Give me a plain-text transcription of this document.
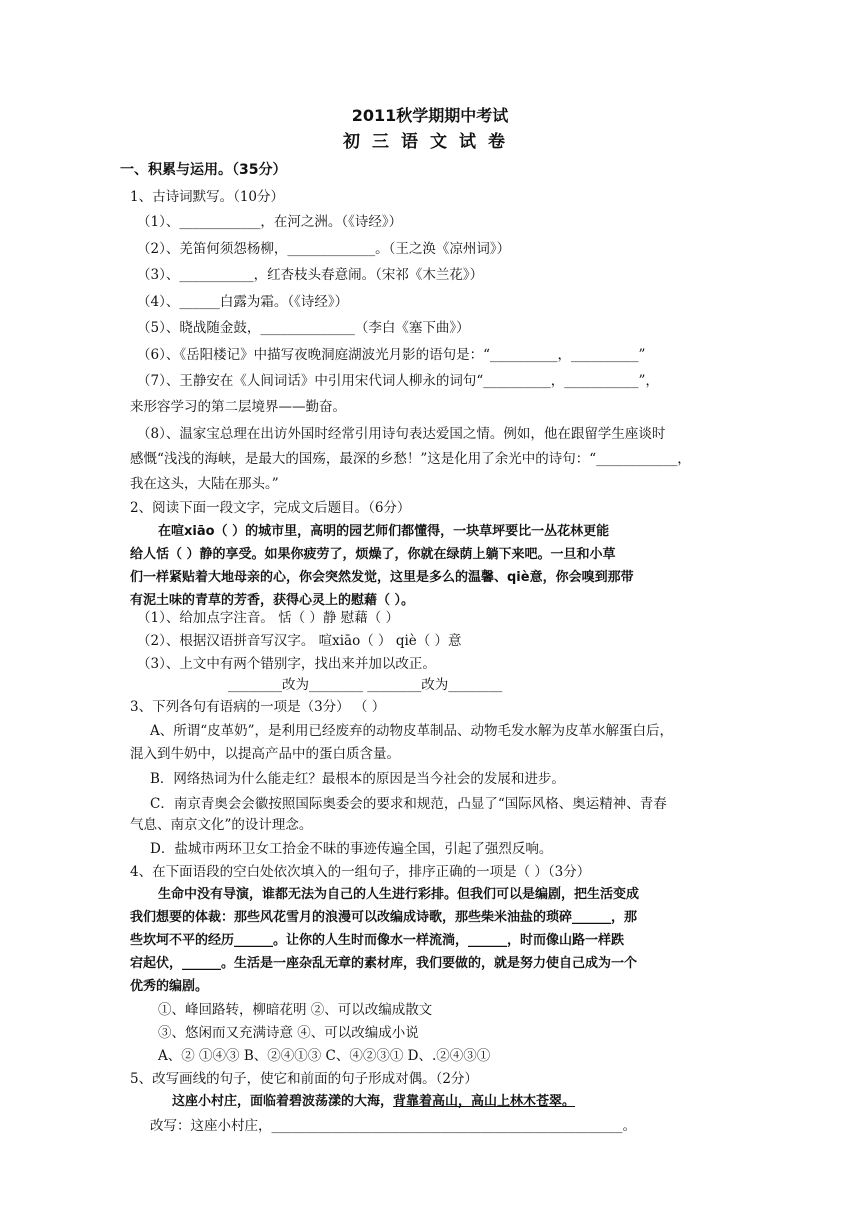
2011秋学期期中考试
初三语文试卷
一、积累与运用。（35分）
1、古诗词默写。（10分）
（1）、____________，在河之洲。（《诗经》）
（2）、羌笛何须怨杨柳，_____________。（王之涣《凉州词》）
（3）、___________，红杏枝头春意闹。（宋祁《木兰花》）
（4）、______白露为霜。（《诗经》）
（5）、晓战随金鼓，______________（李白《塞下曲》）
（6）、《岳阳楼记》中描写夜晚洞庭湖波光月影的语句是：“__________，__________”
（7）、王静安在《人间词话》中引用宋代词人柳永的词句“__________，___________”，
来形容学习的第二层境界——勤奋。
（8）、温家宝总理在出访外国时经常引用诗句表达爱国之情。例如，他在跟留学生座谈时
感慨“浅浅的海峡，是最大的国殇，最深的乡愁！”这是化用了余光中的诗句：“____________，
我在这头，大陆在那头。”
2、阅读下面一段文字，完成文后题目。（6分）
在喧xiāo（ ）的城市里，高明的园艺师们都懂得，一块草坪要比一丛花林更能
给人恬（ ）静的享受。如果你疲劳了，烦燥了，你就在绿荫上躺下来吧。一旦和小草
们一样紧贴着大地母亲的心，你会突然发觉，这里是多么的温馨、qiè意，你会嗅到那带
有泥土味的青草的芳香，获得心灵上的慰藉（ ）。
（1）、给加点字注音。 恬（ ）静 慰藉（ ）
（2）、根据汉语拼音写汉字。 喧xiāo（ ） qiè（ ）意
（3）、上文中有两个错别字，找出来并加以改正。
________改为________ ________改为________
3、下列各句有语病的一项是（3分） （ ）
A、所谓“皮革奶”，是利用已经废弃的动物皮革制品、动物毛发水解为皮革水解蛋白后，
混入到牛奶中，以提高产品中的蛋白质含量。
B．网络热词为什么能走红？最根本的原因是当今社会的发展和进步。
C．南京青奥会会徽按照国际奥委会的要求和规范，凸显了“国际风格、奥运精神、青春
气息、南京文化”的设计理念。
D．盐城市两环卫女工拾金不昧的事迹传遍全国，引起了强烈反响。
4、在下面语段的空白处依次填入的一组句子，排序正确的一项是（ ）（3分）
生命中没有导演，谁都无法为自己的人生进行彩排。但我们可以是编剧，把生活变成
我们想要的体裁：那些风花雪月的浪漫可以改编成诗歌，那些柴米油盐的琐碎______，那
些坎坷不平的经历______。让你的人生时而像水一样流淌，______，时而像山路一样跌
宕起伏，______。生活是一座杂乱无章的素材库，我们要做的，就是努力使自己成为一个
优秀的编剧。
①、峰回路转，柳暗花明 ②、可以改编成散文
③、悠闲而又充满诗意 ④、可以改编成小说
A、② ①④③ B、②④①③ C、④②③① D、.②④③①
5、改写画线的句子，使它和前面的句子形成对偶。（2分）
这座小村庄，面临着碧波荡漾的大海，背靠着高山，高山上林木苍翠。
改写：这座小村庄，____________________________________________________。
